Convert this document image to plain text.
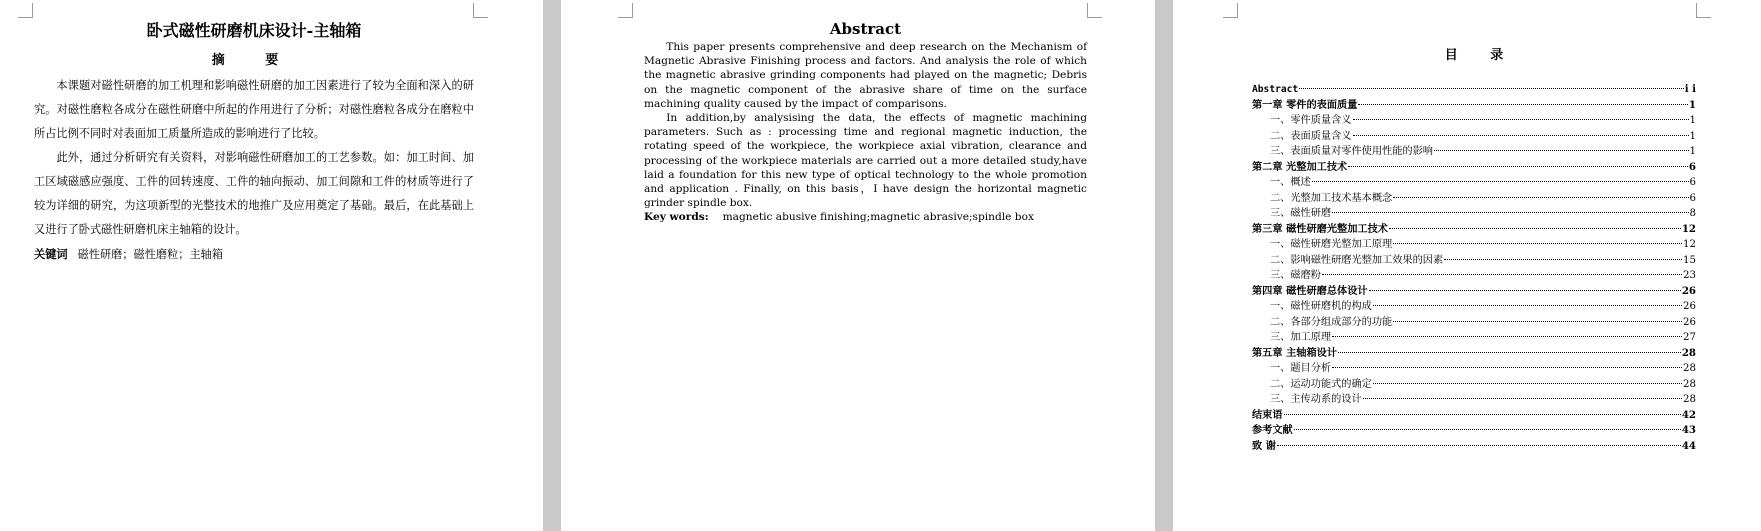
卧式磁性研磨机床设计-主轴箱
摘 要

本课题对磁性研磨的加工机理和影响磁性研磨的加工因素进行了较为全面和深入的研究。对磁性磨粒各成分在磁性研磨中所起的作用进行了分析；对磁性磨粒各成分在磨粒中所占比例不同时对表面加工质量所造成的影响进行了比较。

此外，通过分析研究有关资料，对影响磁性研磨加工的工艺参数。如：加工时间、加工区域磁感应强度、工件的回转速度、工件的轴向振动、加工间隙和工件的材质等进行了较为详细的研究，为这项新型的光整技术的地推广及应用奠定了基础。最后，在此基础上又进行了卧式磁性研磨机床主轴箱的设计。

关键词 磁性研磨；磁性磨粒；主轴箱

Abstract

This paper presents comprehensive and deep research on the Mechanism of Magnetic Abrasive Finishing process and factors. And analysis the role of which the magnetic abrasive grinding components had played on the magnetic; Debris on the magnetic component of the abrasive share of time on the surface machining quality caused by the impact of comparisons.

In addition,by analysising the data, the effects of magnetic machining parameters. Such as : processing time and regional magnetic induction, the rotating speed of the workpiece, the workpiece axial vibration, clearance and processing of the workpiece materials are carried out a more detailed study,have laid a foundation for this new type of optical technology to the whole promotion and application . Finally, on this basis，I have design the horizontal magnetic grinder spindle box.

Key words: magnetic abusive finishing;magnetic abrasive;spindle box

目 录
Abstract	i i
第一章 零件的表面质量	1
一、零件质量含义	1
二、表面质量含义	1
三、表面质量对零件使用性能的影响	1
第二章 光整加工技术	6
一、概述	6
二、光整加工技术基本概念	6
三、磁性研磨	8
第三章 磁性研磨光整加工技术	12
一、磁性研磨光整加工原理	12
二、影响磁性研磨光整加工效果的因素	15
三、磁磨粉	23
第四章 磁性研磨总体设计	26
一、磁性研磨机的构成	26
二、各部分组成部分的功能	26
三、加工原理	27
第五章 主轴箱设计	28
一、题目分析	28
二、运动功能式的确定	28
三、主传动系的设计	28
结束语	42
参考文献	43
致 谢	44
